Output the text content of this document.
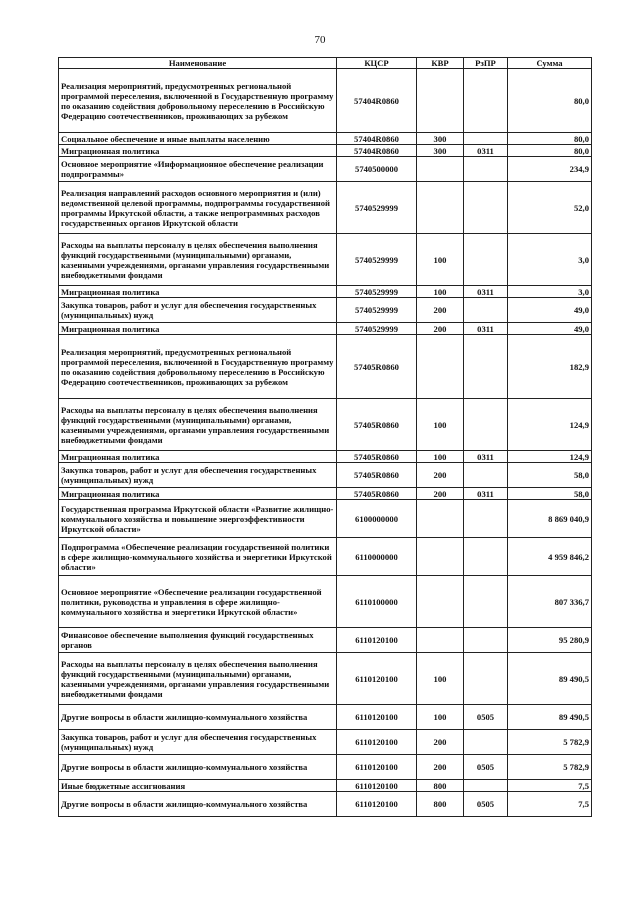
70
Наименование	КЦСР	КВР	РзПР	Сумма
Реализация мероприятий, предусмотренных региональной программой переселения, включенной в Государственную программу по оказанию содействия добровольному переселению в Российскую Федерацию соотечественников, проживающих за рубежом	57404R0860			80,0
Социальное обеспечение и иные выплаты населению	57404R0860	300		80,0
Миграционная политика	57404R0860	300	0311	80,0
Основное мероприятие «Информационное обеспечение реализации подпрограммы»	5740500000			234,9
Реализация направлений расходов основного мероприятия и (или) ведомственной целевой программы, подпрограммы государственной программы Иркутской области, а также непрограммных расходов государственных органов Иркутской области	5740529999			52,0
Расходы на выплаты персоналу в целях обеспечения выполнения функций государственными (муниципальными) органами, казенными учреждениями, органами управления государственными внебюджетными фондами	5740529999	100		3,0
Миграционная политика	5740529999	100	0311	3,0
Закупка товаров, работ и услуг для обеспечения государственных (муниципальных) нужд	5740529999	200		49,0
Миграционная политика	5740529999	200	0311	49,0
Реализация мероприятий, предусмотренных региональной программой переселения, включенной в Государственную программу по оказанию содействия добровольному переселению в Российскую Федерацию соотечественников, проживающих за рубежом	57405R0860			182,9
Расходы на выплаты персоналу в целях обеспечения выполнения функций государственными (муниципальными) органами, казенными учреждениями, органами управления государственными внебюджетными фондами	57405R0860	100		124,9
Миграционная политика	57405R0860	100	0311	124,9
Закупка товаров, работ и услуг для обеспечения государственных (муниципальных) нужд	57405R0860	200		58,0
Миграционная политика	57405R0860	200	0311	58,0
Государственная программа Иркутской области «Развитие жилищно-коммунального хозяйства и повышение энергоэффективности Иркутской области»	6100000000			8 869 040,9
Подпрограмма «Обеспечение реализации государственной политики в сфере жилищно-коммунального хозяйства и энергетики Иркутской области»	6110000000			4 959 846,2
Основное мероприятие «Обеспечение реализации государственной политики, руководства и управления в сфере жилищно-коммунального хозяйства и энергетики Иркутской области»	6110100000			807 336,7
Финансовое обеспечение выполнения функций государственных органов	6110120100			95 280,9
Расходы на выплаты персоналу в целях обеспечения выполнения функций государственными (муниципальными) органами, казенными учреждениями, органами управления государственными внебюджетными фондами	6110120100	100		89 490,5
Другие вопросы в области жилищно-коммунального хозяйства	6110120100	100	0505	89 490,5
Закупка товаров, работ и услуг для обеспечения государственных (муниципальных) нужд	6110120100	200		5 782,9
Другие вопросы в области жилищно-коммунального хозяйства	6110120100	200	0505	5 782,9
Иные бюджетные ассигнования	6110120100	800		7,5
Другие вопросы в области жилищно-коммунального хозяйства	6110120100	800	0505	7,5
